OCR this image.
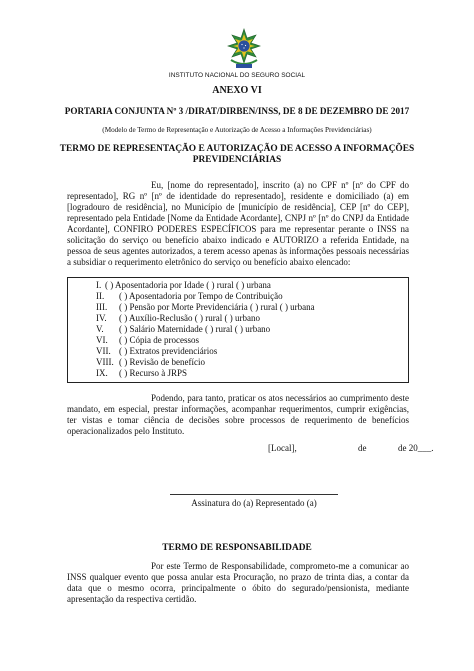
INSTITUTO NACIONAL DO SEGURO SOCIAL
ANEXO VI
PORTARIA CONJUNTA Nº 3 /DIRAT/DIRBEN/INSS, DE 8 DE DEZEMBRO DE 2017
(Modelo de Termo de Representação e Autorização de Acesso a Informações Previdenciárias)
TERMO DE REPRESENTAÇÃO E AUTORIZAÇÃO DE ACESSO A INFORMAÇÕES
PREVIDENCIÁRIAS

Eu, [nome do representado], inscrito (a) no CPF nº [nº do CPF do representado], RG nº [nº de identidade do representado], residente e domiciliado (a) em [logradouro de residência], no Município de [município de residência], CEP [nº do CEP], representado pela Entidade [Nome da Entidade Acordante], CNPJ nº [nº do CNPJ da Entidade Acordante], CONFIRO PODERES ESPECÍFICOS para me representar perante o INSS na solicitação do serviço ou benefício abaixo indicado e AUTORIZO a referida Entidade, na pessoa de seus agentes autorizados, a terem acesso apenas às informações pessoais necessárias a subsidiar o requerimento eletrônico do serviço ou benefício abaixo elencado:

I. ( ) Aposentadoria por Idade ( ) rural ( ) urbana
II. ( ) Aposentadoria por Tempo de Contribuição
III. ( ) Pensão por Morte Previdenciária ( ) rural ( ) urbana
IV. ( ) Auxílio-Reclusão ( ) rural ( ) urbano
V. ( ) Salário Maternidade ( ) rural ( ) urbano
VI. ( ) Cópia de processos
VII. ( ) Extratos previdenciários
VIII. ( ) Revisão de benefício
IX. ( ) Recurso à JRPS

Podendo, para tanto, praticar os atos necessários ao cumprimento deste mandato, em especial, prestar informações, acompanhar requerimentos, cumprir exigências, ter vistas e tomar ciência de decisões sobre processos de requerimento de benefícios operacionalizados pelo Instituto.

[Local],	de	de 20___.
Assinatura do (a) Representado (a)
TERMO DE RESPONSABILIDADE

Por este Termo de Responsabilidade, comprometo-me a comunicar ao INSS qualquer evento que possa anular esta Procuração, no prazo de trinta dias, a contar da data que o mesmo ocorra, principalmente o óbito do segurado/pensionista, mediante apresentação da respectiva certidão.
